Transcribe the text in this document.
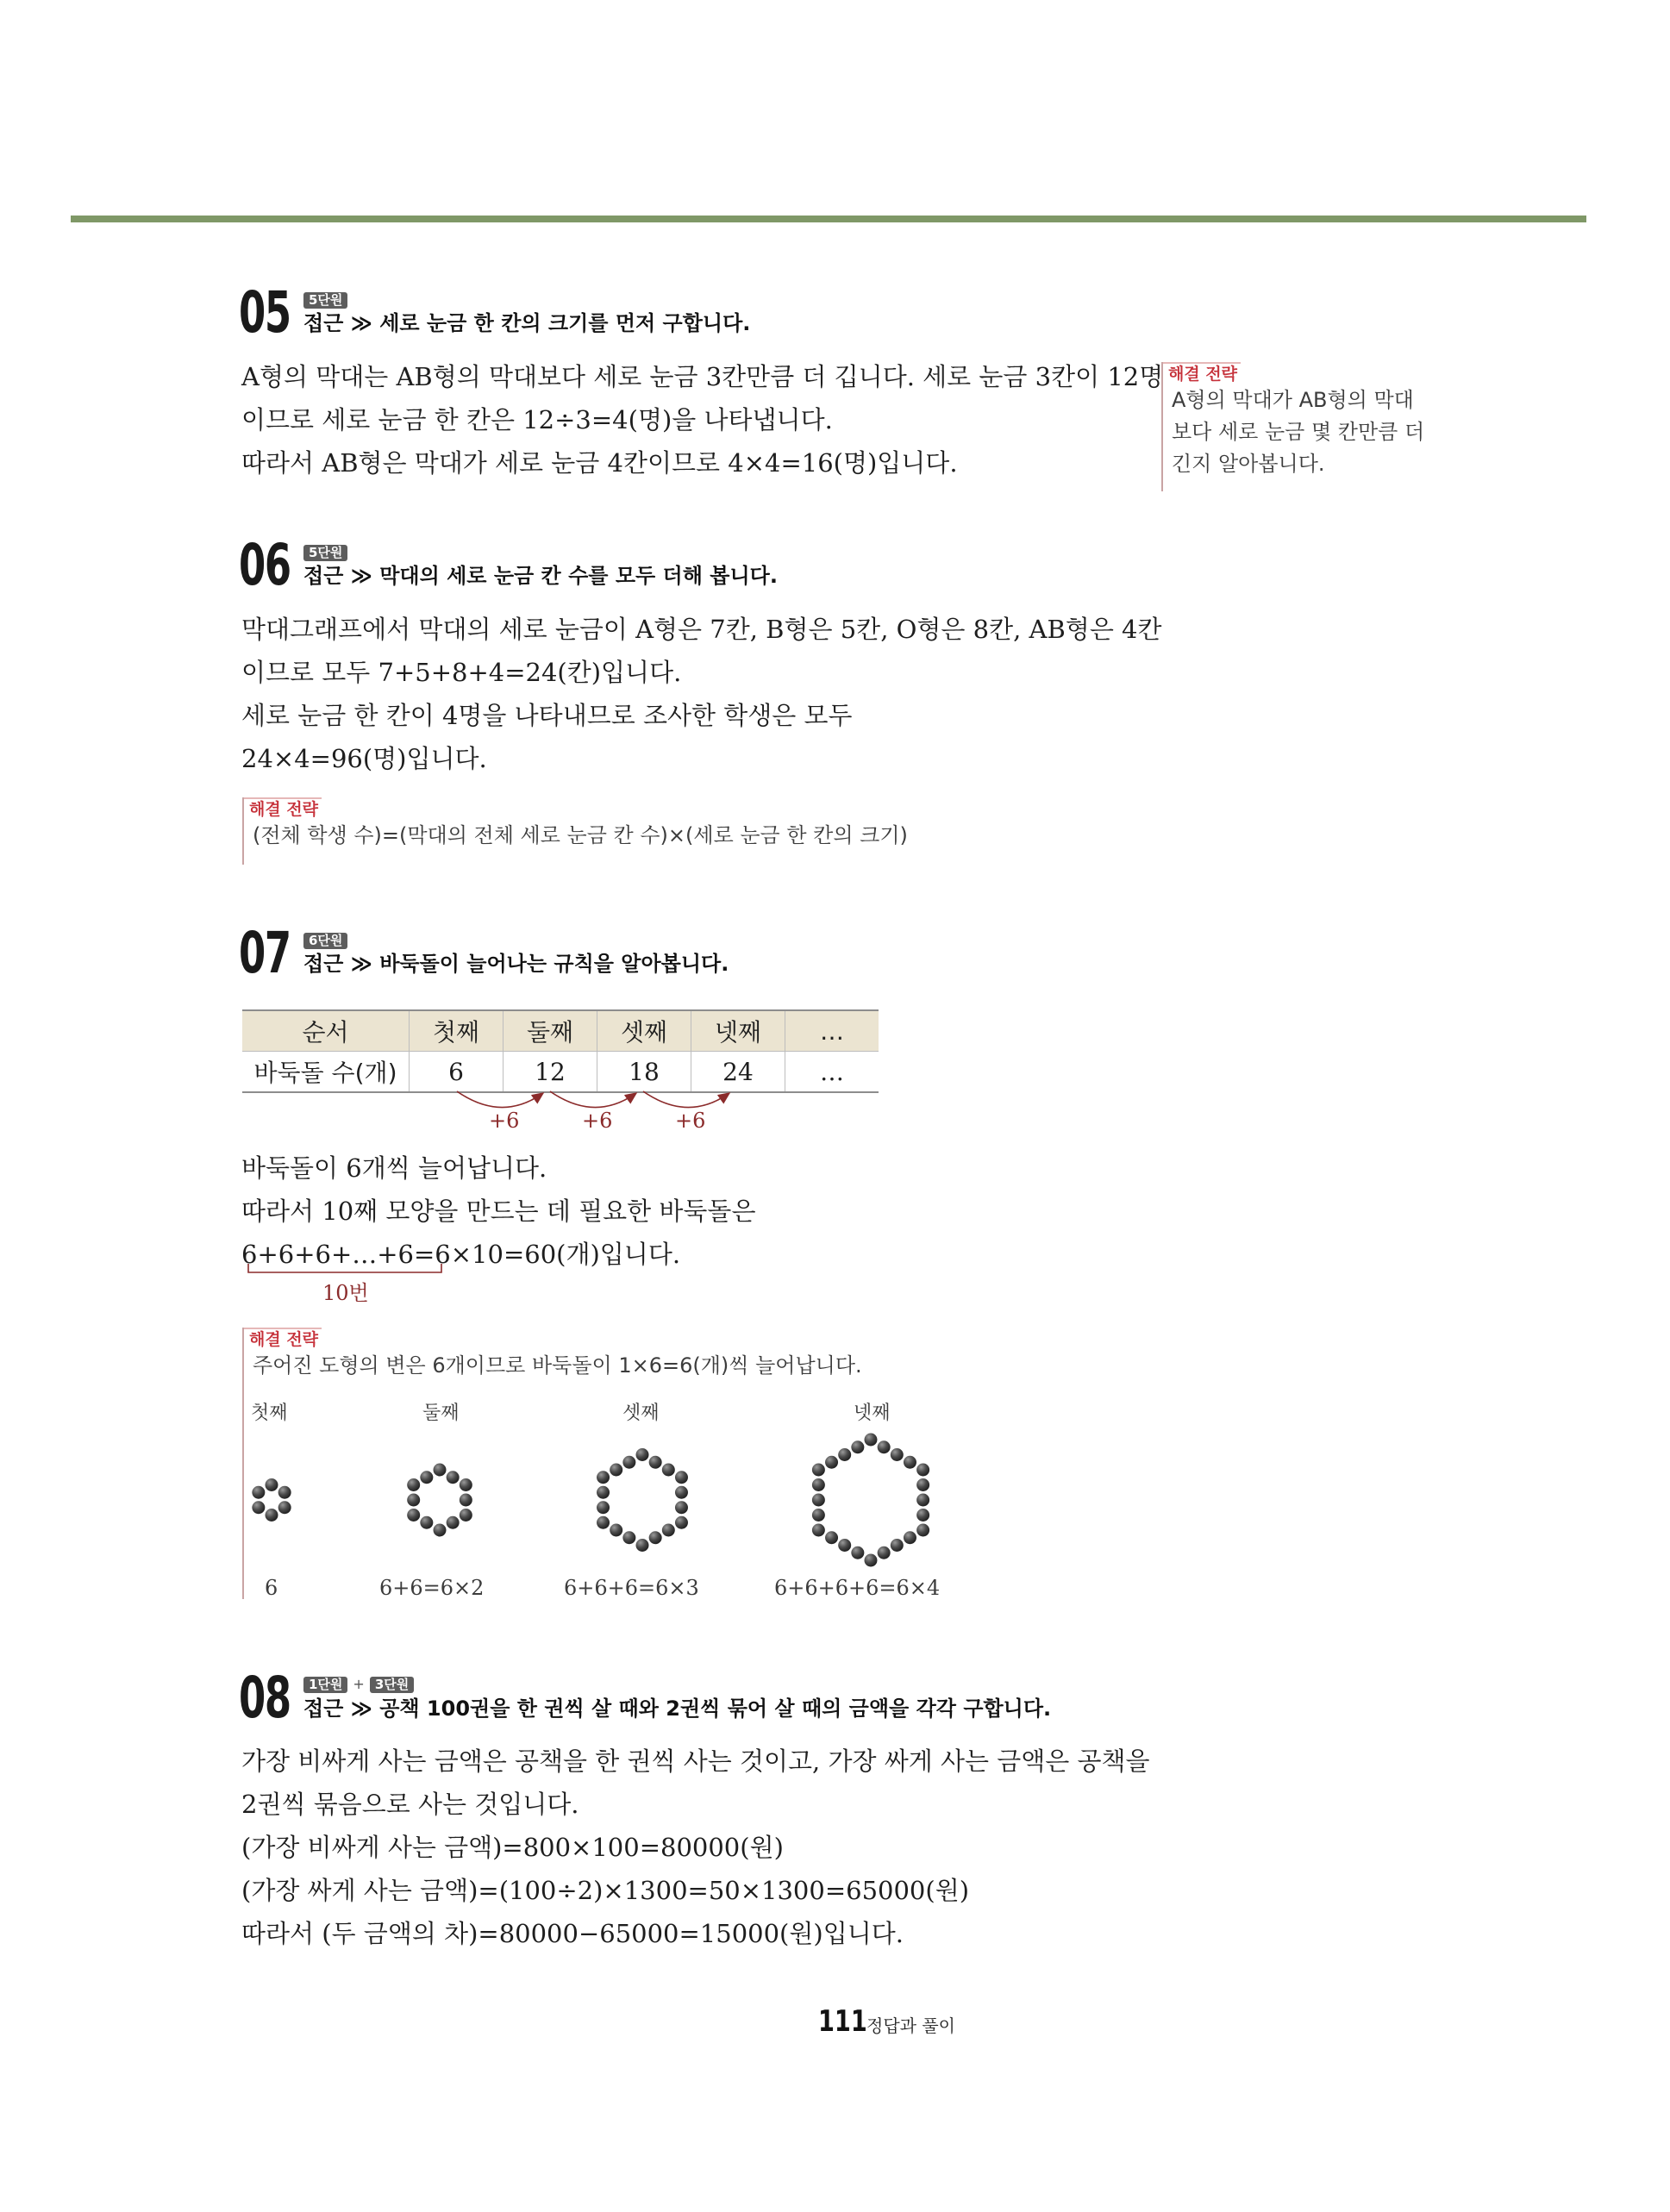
05	5단원
접근 ≫ 세로 눈금 한 칸의 크기를 먼저 구합니다.
A형의 막대는 AB형의 막대보다 세로 눈금 3칸만큼 더 깁니다. 세로 눈금 3칸이 12명
이므로 세로 눈금 한 칸은 12÷3=4(명)을 나타냅니다.
따라서 AB형은 막대가 세로 눈금 4칸이므로 4×4=16(명)입니다.
해결 전략
A형의 막대가 AB형의 막대
보다 세로 눈금 몇 칸만큼 더
긴지 알아봅니다.
06	5단원
접근 ≫ 막대의 세로 눈금 칸 수를 모두 더해 봅니다.
막대그래프에서 막대의 세로 눈금이 A형은 7칸, B형은 5칸, O형은 8칸, AB형은 4칸
이므로 모두 7+5+8+4=24(칸)입니다.
세로 눈금 한 칸이 4명을 나타내므로 조사한 학생은 모두
24×4=96(명)입니다.
해결 전략
(전체 학생 수)=(막대의 전체 세로 눈금 칸 수)×(세로 눈금 한 칸의 크기)
07	6단원
접근 ≫ 바둑돌이 늘어나는 규칙을 알아봅니다.
순서	첫째	둘째	셋째	넷째	…
바둑돌 수(개)	6	12	18	24	…
+6	+6	+6
바둑돌이 6개씩 늘어납니다.
따라서 10째 모양을 만드는 데 필요한 바둑돌은
6+6+6+…+6=6×10=60(개)입니다.
10번
해결 전략
주어진 도형의 변은 6개이므로 바둑돌이 1×6=6(개)씩 늘어납니다.
첫째	둘째	셋째	넷째
6	6+6=6×2	6+6+6=6×3	6+6+6+6=6×4
08	1단원 + 3단원
접근 ≫ 공책 100권을 한 권씩 살 때와 2권씩 묶어 살 때의 금액을 각각 구합니다.
가장 비싸게 사는 금액은 공책을 한 권씩 사는 것이고, 가장 싸게 사는 금액은 공책을
2권씩 묶음으로 사는 것입니다.
(가장 비싸게 사는 금액)=800×100=80000(원)
(가장 싸게 사는 금액)=(100÷2)×1300=50×1300=65000(원)
따라서 (두 금액의 차)=80000−65000=15000(원)입니다.
111 정답과 풀이
